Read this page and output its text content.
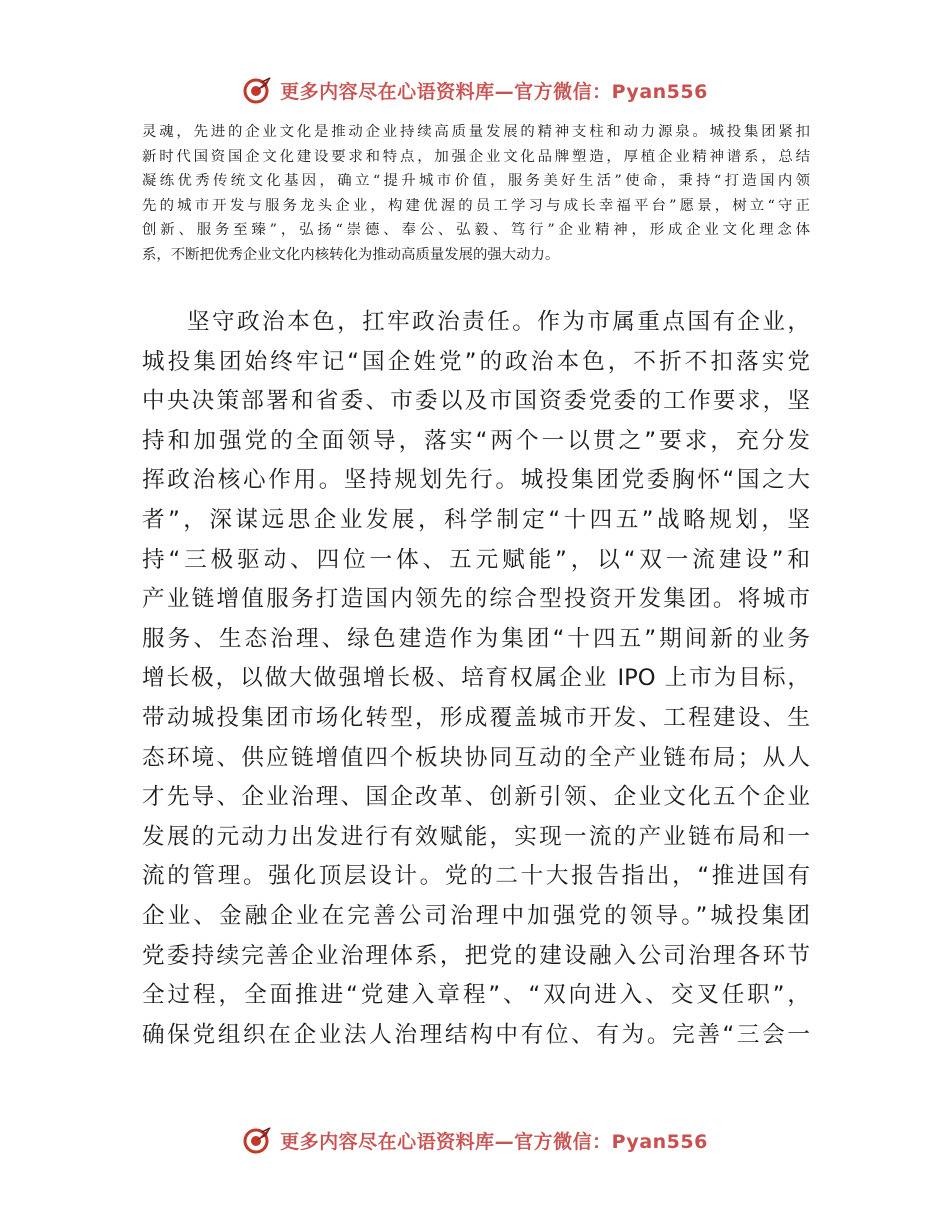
更多内容尽在心语资料库—官方微信：Pyan556
灵魂，先进的企业文化是推动企业持续高质量发展的精神支柱和动力源泉。城投集团紧扣
新时代国资国企文化建设要求和特点，加强企业文化品牌塑造，厚植企业精神谱系，总结
凝练优秀传统文化基因，确立“提升城市价值，服务美好生活”使命，秉持“打造国内领
先的城市开发与服务龙头企业，构建优渥的员工学习与成长幸福平台”愿景，树立“守正
创新、服务至臻”，弘扬“崇德、奉公、弘毅、笃行”企业精神，形成企业文化理念体
系，不断把优秀企业文化内核转化为推动高质量发展的强大动力。
坚守政治本色，扛牢政治责任。作为市属重点国有企业，
城投集团始终牢记“国企姓党”的政治本色，不折不扣落实党
中央决策部署和省委、市委以及市国资委党委的工作要求，坚
持和加强党的全面领导，落实“两个一以贯之”要求，充分发
挥政治核心作用。坚持规划先行。城投集团党委胸怀“国之大
者”，深谋远思企业发展，科学制定“十四五”战略规划，坚
持“三极驱动、四位一体、五元赋能”，以“双一流建设”和
产业链增值服务打造国内领先的综合型投资开发集团。将城市
服务、生态治理、绿色建造作为集团“十四五”期间新的业务
增长极，以做大做强增长极、培育权属企业 IPO 上市为目标，
带动城投集团市场化转型，形成覆盖城市开发、工程建设、生
态环境、供应链增值四个板块协同互动的全产业链布局；从人
才先导、企业治理、国企改革、创新引领、企业文化五个企业
发展的元动力出发进行有效赋能，实现一流的产业链布局和一
流的管理。强化顶层设计。党的二十大报告指出，“推进国有
企业、金融企业在完善公司治理中加强党的领导。”城投集团
党委持续完善企业治理体系，把党的建设融入公司治理各环节
全过程，全面推进“党建入章程”、“双向进入、交叉任职”，
确保党组织在企业法人治理结构中有位、有为。完善“三会一
更多内容尽在心语资料库—官方微信：Pyan556
